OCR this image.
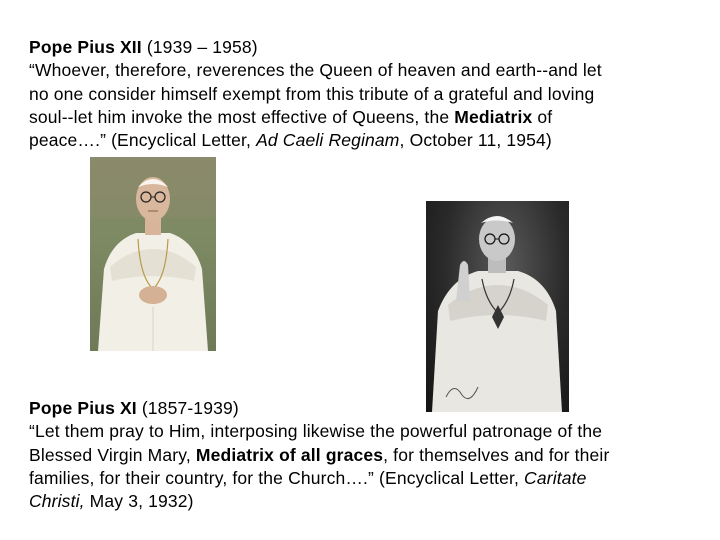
Pope Pius XII (1939 – 1958)
“Whoever, therefore, reverences the Queen of heaven and earth--and let
no one consider himself exempt from this tribute of a grateful and loving
soul--let him invoke the most effective of Queens, the Mediatrix of
peace….” (Encyclical Letter, Ad Caeli Reginam, October 11, 1954)
Pope Pius XI (1857-1939)
“Let them pray to Him, interposing likewise the powerful patronage of the
Blessed Virgin Mary, Mediatrix of all graces, for themselves and for their
families, for their country, for the Church….” (Encyclical Letter, Caritate
Christi, May 3, 1932)
